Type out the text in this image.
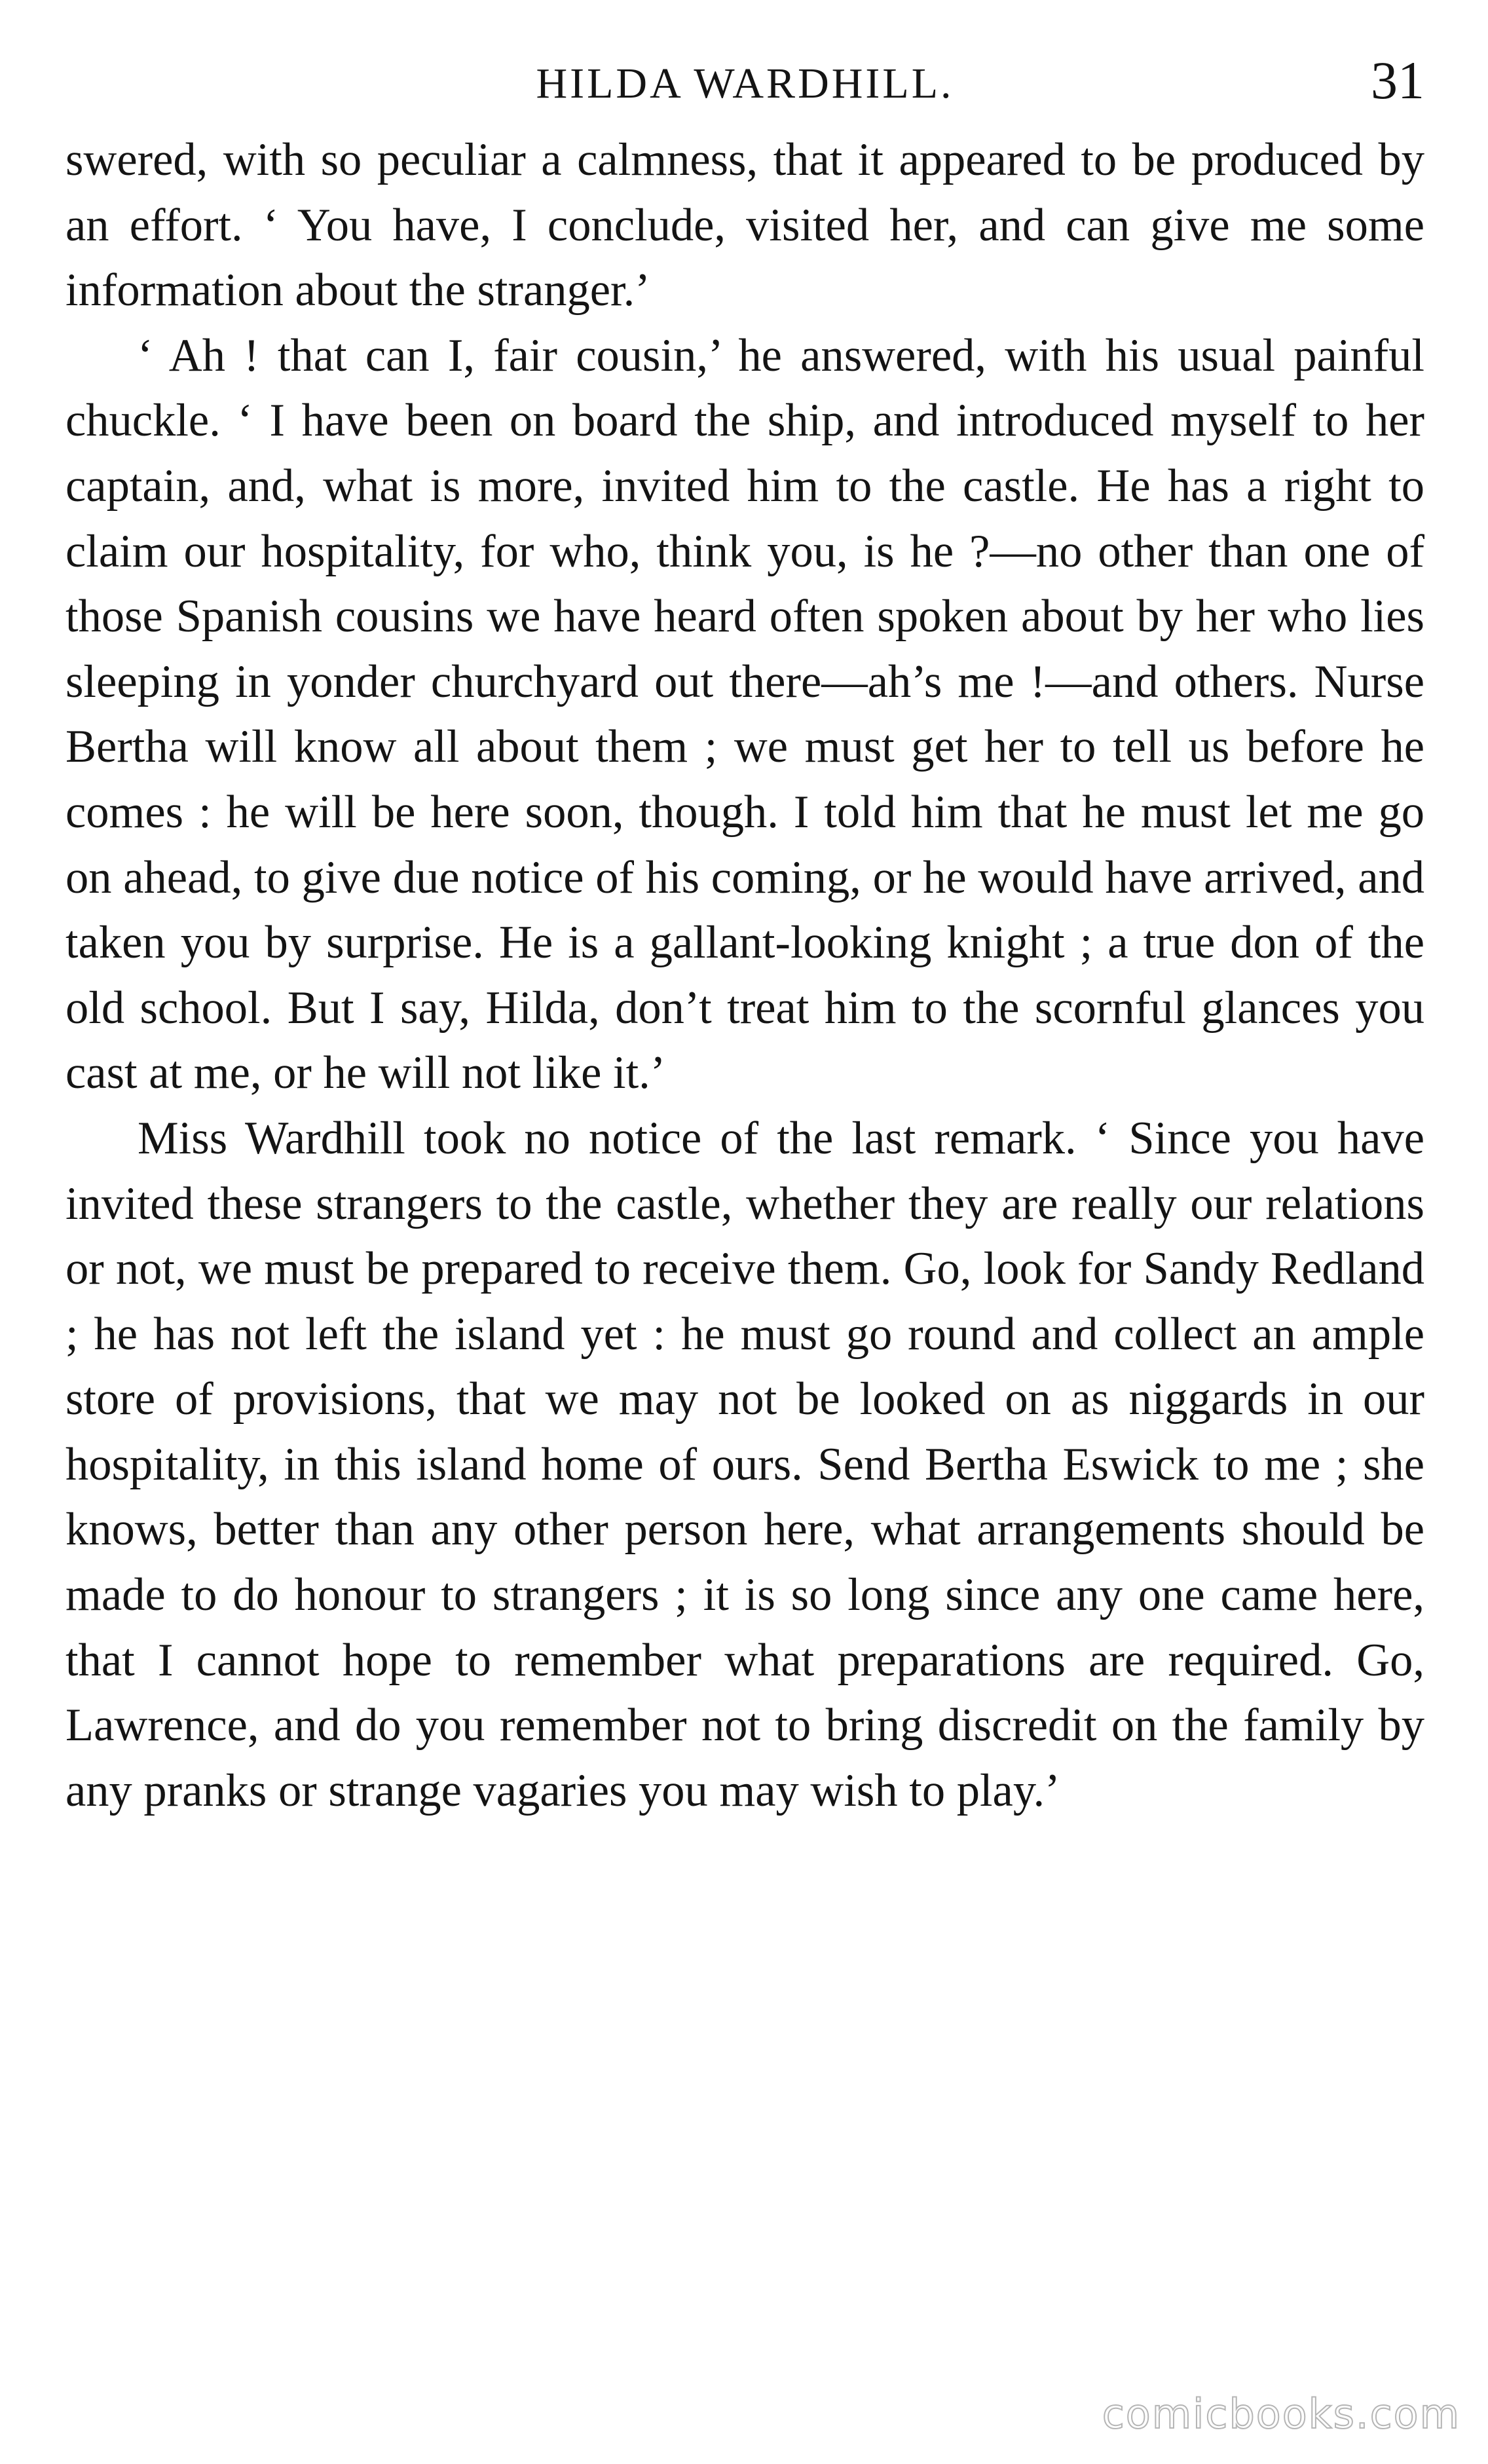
HILDA WARDHILL.	31

swered, with so peculiar a calmness, that it appeared to be produced by an effort. ‘ You have, I conclude, visited her, and can give me some information about the stranger.’

‘ Ah ! that can I, fair cousin,’ he answered, with his usual painful chuckle. ‘ I have been on board the ship, and introduced myself to her captain, and, what is more, invited him to the castle. He has a right to claim our hospitality, for who, think you, is he ?—no other than one of those Spanish cousins we have heard often spoken about by her who lies sleeping in yonder churchyard out there—ah’s me !—and others. Nurse Bertha will know all about them ; we must get her to tell us before he comes : he will be here soon, though. I told him that he must let me go on ahead, to give due notice of his coming, or he would have arrived, and taken you by surprise. He is a gallant-looking knight ; a true don of the old school. But I say, Hilda, don’t treat him to the scornful glances you cast at me, or he will not like it.’

Miss Wardhill took no notice of the last remark. ‘ Since you have invited these strangers to the castle, whether they are really our relations or not, we must be prepared to receive them. Go, look for Sandy Redland ; he has not left the island yet : he must go round and collect an ample store of provisions, that we may not be looked on as niggards in our hospitality, in this island home of ours. Send Bertha Eswick to me ; she knows, better than any other person here, what arrangements should be made to do honour to strangers ; it is so long since any one came here, that I cannot hope to remember what preparations are required. Go, Lawrence, and do you remember not to bring discredit on the family by any pranks or strange vagaries you may wish to play.’

comicbooks.com
